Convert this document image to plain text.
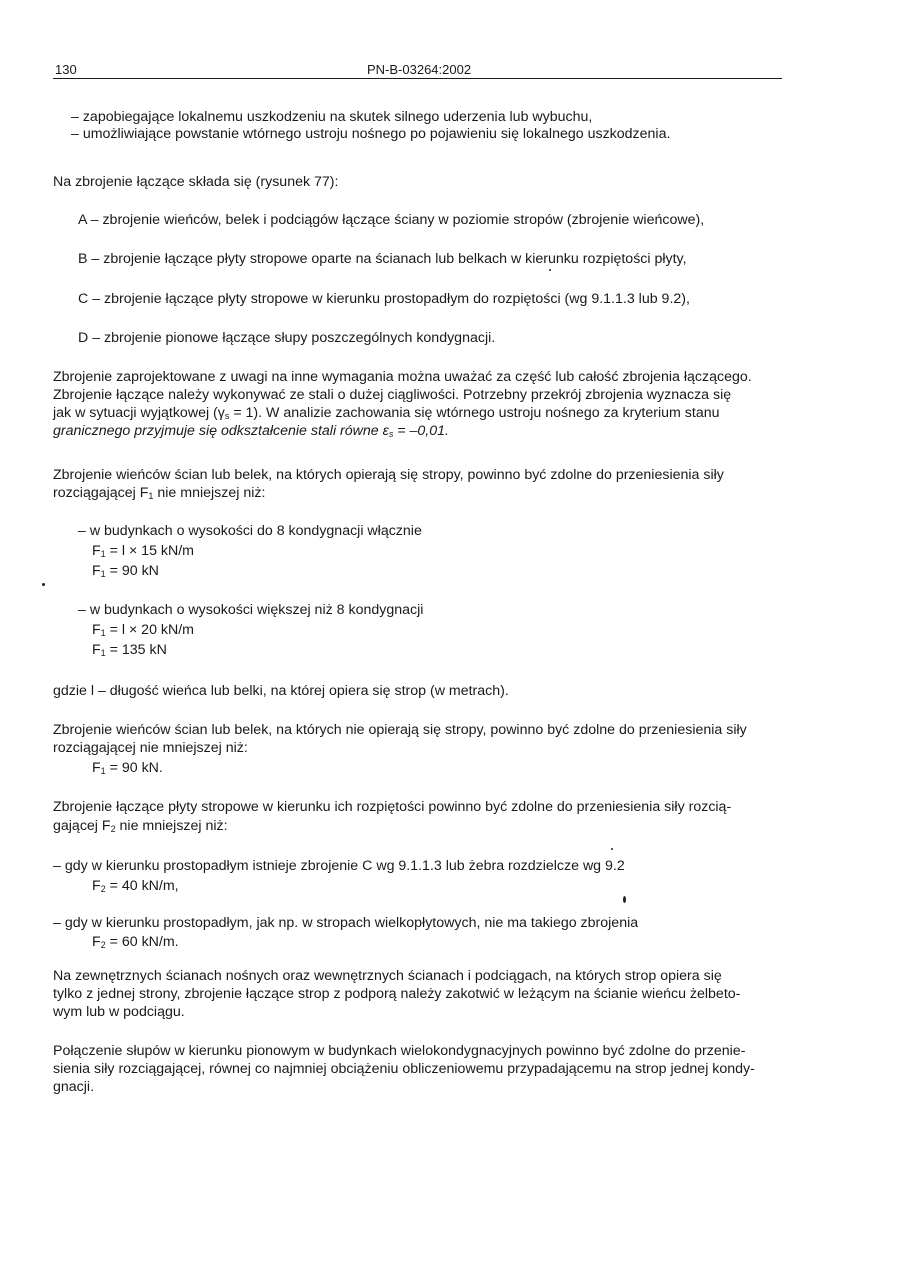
130	PN-B-03264:2002
– zapobiegające lokalnemu uszkodzeniu na skutek silnego uderzenia lub wybuchu,
– umożliwiające powstanie wtórnego ustroju nośnego po pojawieniu się lokalnego uszkodzenia.
Na zbrojenie łączące składa się (rysunek 77):
A – zbrojenie wieńców, belek i podciągów łączące ściany w poziomie stropów (zbrojenie wieńcowe),
B – zbrojenie łączące płyty stropowe oparte na ścianach lub belkach w kierunku rozpiętości płyty,
C – zbrojenie łączące płyty stropowe w kierunku prostopadłym do rozpiętości (wg 9.1.1.3 lub 9.2),
D – zbrojenie pionowe łączące słupy poszczególnych kondygnacji.
Zbrojenie zaprojektowane z uwagi na inne wymagania można uważać za część lub całość zbrojenia łączącego.
Zbrojenie łączące należy wykonywać ze stali o dużej ciągliwości. Potrzebny przekrój zbrojenia wyznacza się
jak w sytuacji wyjątkowej $(\gamma_s = 1)$. W analizie zachowania się wtórnego ustroju nośnego za kryterium stanu
granicznego przyjmuje się odkształcenie stali równe $\varepsilon_s = -0,01$.
Zbrojenie wieńców ścian lub belek, na których opierają się stropy, powinno być zdolne do przeniesienia siły
rozciągającej $F_1$ nie mniejszej niż:
– w budynkach o wysokości do 8 kondygnacji włącznie
$F_1 = l \times 15$ kN/m
$F_1 = 90$ kN
– w budynkach o wysokości większej niż 8 kondygnacji
$F_1 = l \times 20$ kN/m
$F_1 = 135$ kN
gdzie l – długość wieńca lub belki, na której opiera się strop (w metrach).
Zbrojenie wieńców ścian lub belek, na których nie opierają się stropy, powinno być zdolne do przeniesienia siły
rozciągającej nie mniejszej niż:
$F_1 = 90$ kN.
Zbrojenie łączące płyty stropowe w kierunku ich rozpiętości powinno być zdolne do przeniesienia siły rozcią-
gającej $F_2$ nie mniejszej niż:
– gdy w kierunku prostopadłym istnieje zbrojenie C wg 9.1.1.3 lub żebra rozdzielcze wg 9.2
$F_2 = 40$ kN/m,
– gdy w kierunku prostopadłym, jak np. w stropach wielkopłytowych, nie ma takiego zbrojenia
$F_2 = 60$ kN/m.
Na zewnętrznych ścianach nośnych oraz wewnętrznych ścianach i podciągach, na których strop opiera się
tylko z jednej strony, zbrojenie łączące strop z podporą należy zakotwić w leżącym na ścianie wieńcu żelbeto-
wym lub w podciągu.
Połączenie słupów w kierunku pionowym w budynkach wielokondygnacyjnych powinno być zdolne do przenie-
sienia siły rozciągającej, równej co najmniej obciążeniu obliczeniowemu przypadającemu na strop jednej kondy-
gnacji.
